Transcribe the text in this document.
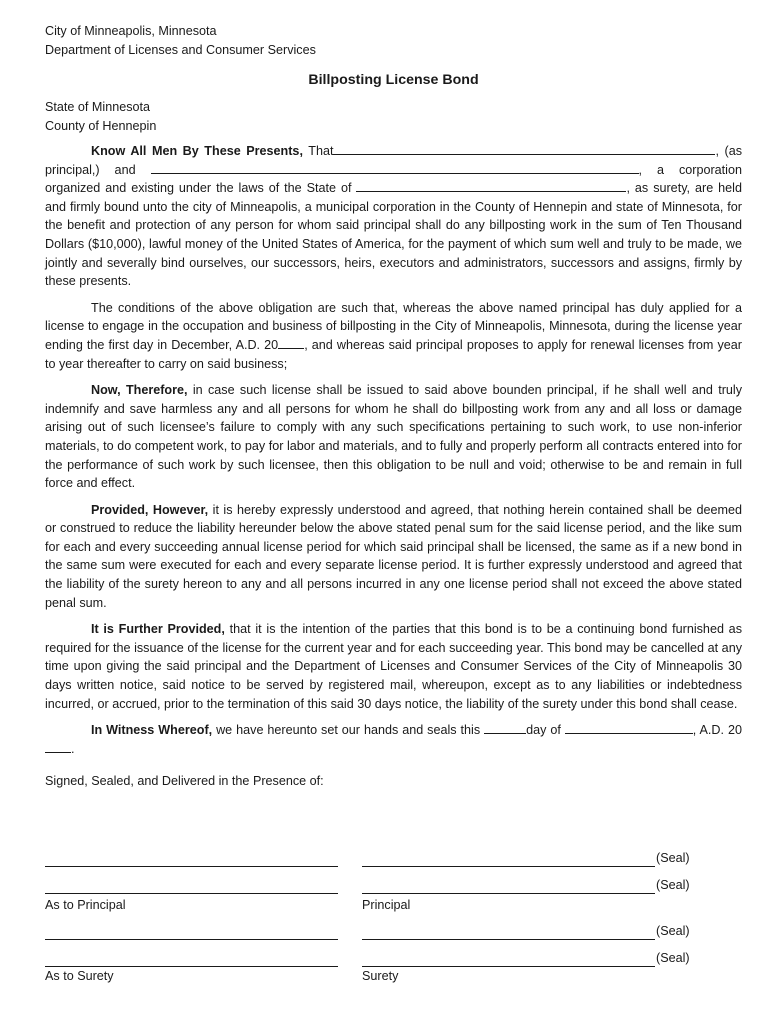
City of Minneapolis, Minnesota
Department of Licenses and Consumer Services
Billposting License Bond
State of Minnesota
County of Hennepin

Know All Men By These Presents, That	, (as principal,) and	, a corporation organized and existing under the laws of the State of	, as surety, are held and firmly bound unto the city of Minneapolis, a municipal corporation in the County of Hennepin and state of Minnesota, for the benefit and protection of any person for whom said principal shall do any billposting work in the sum of Ten Thousand Dollars ($10,000), lawful money of the United States of America, for the payment of which sum well and truly to be made, we jointly and severally bind ourselves, our successors, heirs, executors and administrators, successors and assigns, firmly by these presents.

The conditions of the above obligation are such that, whereas the above named principal has duly applied for a license to engage in the occupation and business of billposting in the City of Minneapolis, Minnesota, during the license year ending the first day in December, A.D. 20 , and whereas said principal proposes to apply for renewal licenses from year to year thereafter to carry on said business;

Now, Therefore, in case such license shall be issued to said above bounden principal, if he shall well and truly indemnify and save harmless any and all persons for whom he shall do billposting work from any and all loss or damage arising out of such licensee’s failure to comply with any such specifications pertaining to such work, to use non-inferior materials, to do competent work, to pay for labor and materials, and to fully and properly perform all contracts entered into for the performance of such work by such licensee, then this obligation to be null and void; otherwise to be and remain in full force and effect.

Provided, However, it is hereby expressly understood and agreed, that nothing herein contained shall be deemed or construed to reduce the liability hereunder below the above stated penal sum for the said license period, and the like sum for each and every succeeding annual license period for which said principal shall be licensed, the same as if a new bond in the same sum were executed for each and every separate license period. It is further expressly understood and agreed that the liability of the surety hereon to any and all persons incurred in any one license period shall not exceed the above stated penal sum.

It is Further Provided, that it is the intention of the parties that this bond is to be a continuing bond furnished as required for the issuance of the license for the current year and for each succeeding year. This bond may be cancelled at any time upon giving the said principal and the Department of Licenses and Consumer Services of the City of Minneapolis 30 days written notice, said notice to be served by registered mail, whereupon, except as to any liabilities or indebtedness incurred, or accrued, prior to the termination of this said 30 days notice, the liability of the surety under this bond shall cease.

In Witness Whereof, we have hereunto set our hands and seals this	day of	, A.D. 20.

Signed, Sealed, and Delivered in the Presence of:
(Seal)
(Seal)
As to Principal	Principal
(Seal)
(Seal)
As to Surety	Surety
